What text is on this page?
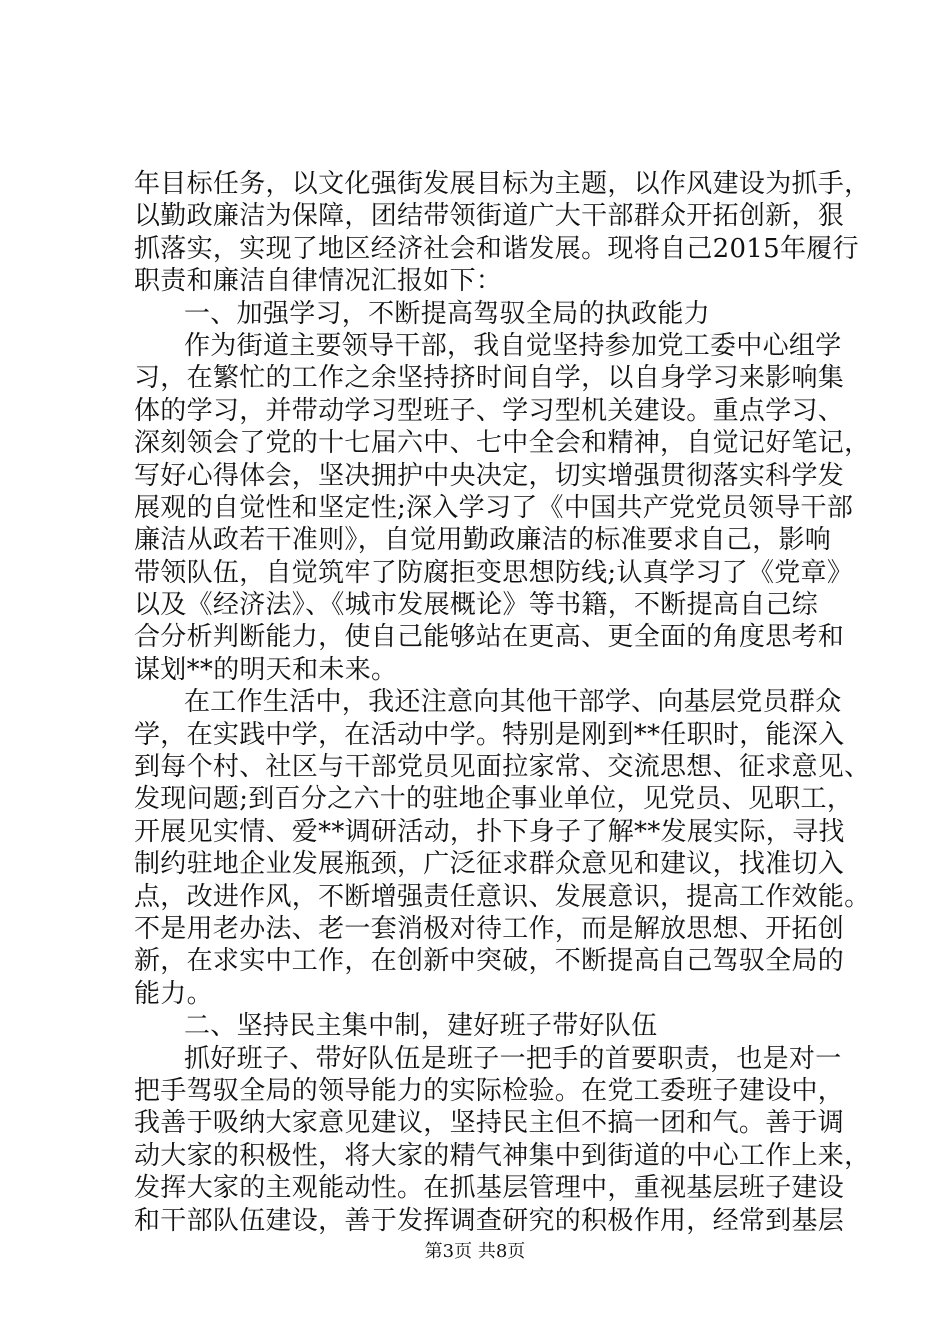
年目标任务，以文化强街发展目标为主题，以作风建设为抓手，
以勤政廉洁为保障，团结带领街道广大干部群众开拓创新，狠
抓落实，实现了地区经济社会和谐发展。现将自己2015年履行
职责和廉洁自律情况汇报如下：
一、加强学习，不断提高驾驭全局的执政能力
作为街道主要领导干部，我自觉坚持参加党工委中心组学
习，在繁忙的工作之余坚持挤时间自学，以自身学习来影响集
体的学习，并带动学习型班子、学习型机关建设。重点学习、
深刻领会了党的十七届六中、七中全会和精神，自觉记好笔记，
写好心得体会，坚决拥护中央决定，切实增强贯彻落实科学发
展观的自觉性和坚定性;深入学习了《中国共产党党员领导干部
廉洁从政若干准则》，自觉用勤政廉洁的标准要求自己，影响
带领队伍，自觉筑牢了防腐拒变思想防线;认真学习了《党章》
以及《经济法》、《城市发展概论》等书籍，不断提高自己综
合分析判断能力，使自己能够站在更高、更全面的角度思考和
谋划**的明天和未来。
在工作生活中，我还注意向其他干部学、向基层党员群众
学，在实践中学，在活动中学。特别是刚到**任职时，能深入
到每个村、社区与干部党员见面拉家常、交流思想、征求意见、
发现问题;到百分之六十的驻地企事业单位，见党员、见职工，
开展见实情、爱**调研活动，扑下身子了解**发展实际，寻找
制约驻地企业发展瓶颈，广泛征求群众意见和建议，找准切入
点，改进作风，不断增强责任意识、发展意识，提高工作效能。
不是用老办法、老一套消极对待工作，而是解放思想、开拓创
新，在求实中工作，在创新中突破，不断提高自己驾驭全局的
能力。
二、坚持民主集中制，建好班子带好队伍
抓好班子、带好队伍是班子一把手的首要职责，也是对一
把手驾驭全局的领导能力的实际检验。在党工委班子建设中，
我善于吸纳大家意见建议，坚持民主但不搞一团和气。善于调
动大家的积极性，将大家的精气神集中到街道的中心工作上来，
发挥大家的主观能动性。在抓基层管理中，重视基层班子建设
和干部队伍建设，善于发挥调查研究的积极作用，经常到基层
第3页 共8页
